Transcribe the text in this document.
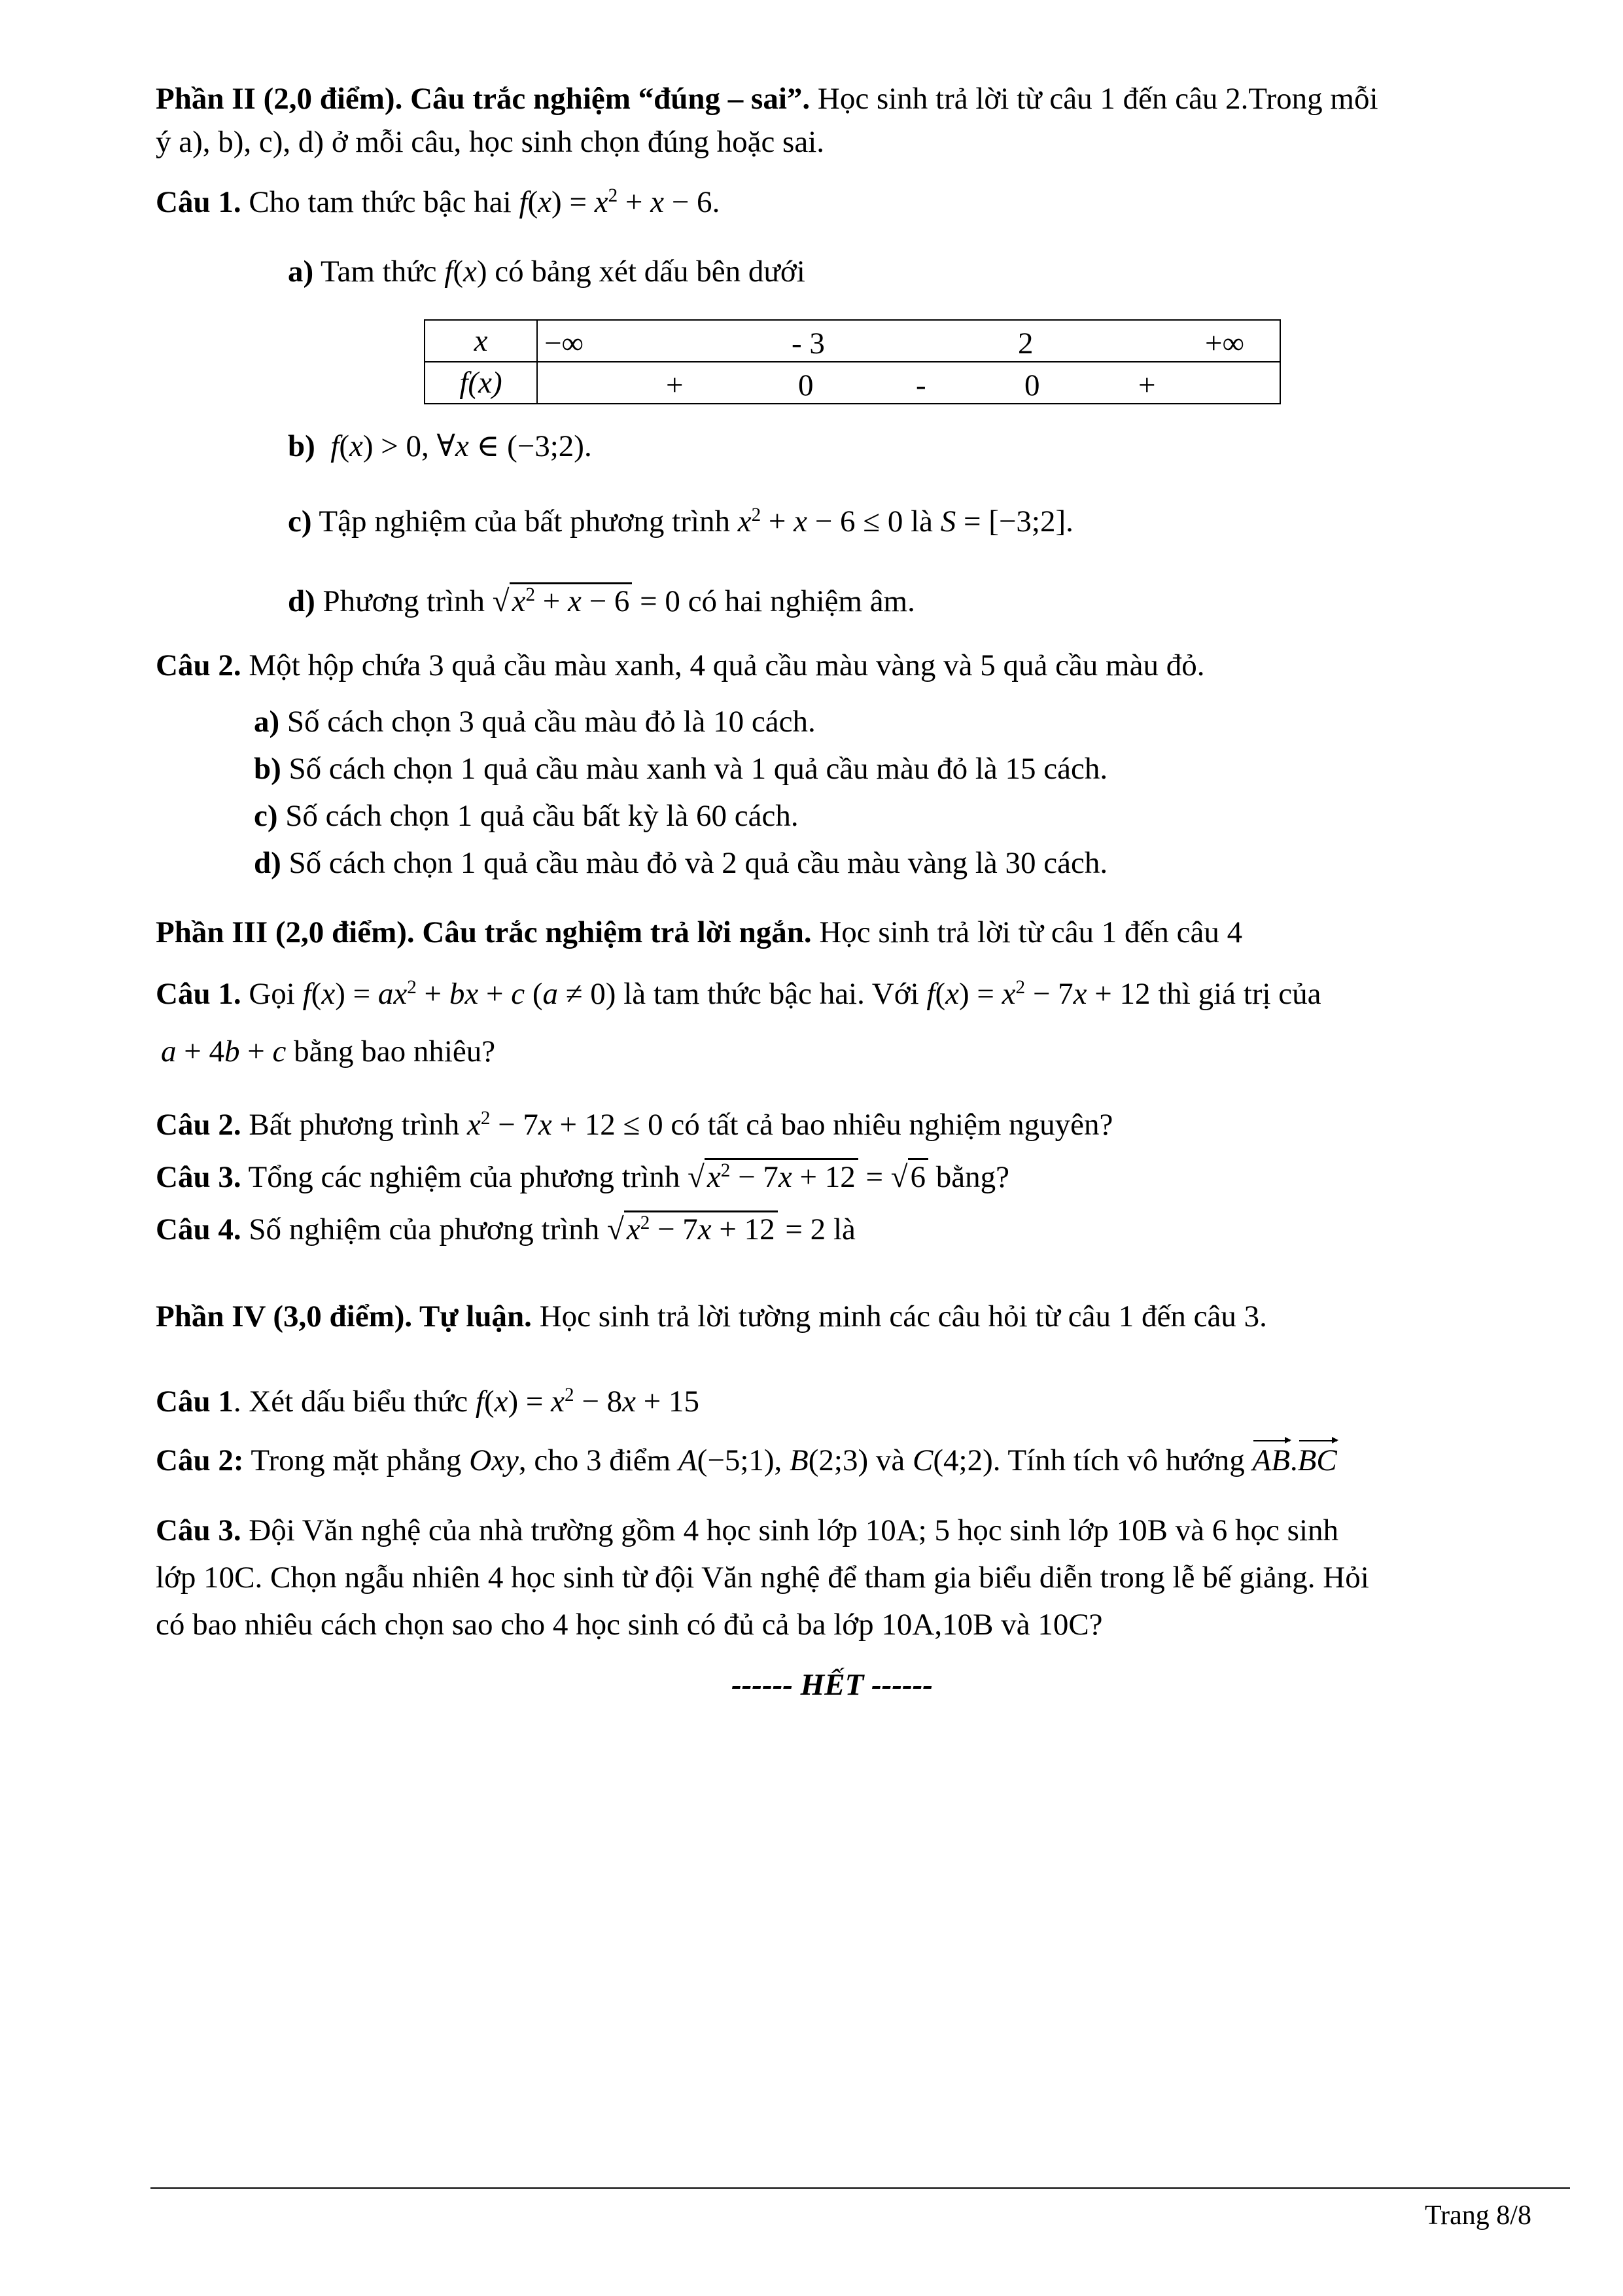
Phần II (2,0 điểm). Câu trắc nghiệm “đúng – sai”. Học sinh trả lời từ câu 1 đến câu 2.Trong mỗi
ý a), b), c), d) ở mỗi câu, học sinh chọn đúng hoặc sai.
Câu 1. Cho tam thức bậc hai $f(x) = x^2 + x - 6$.
a) Tam thức f(x) có bảng xét dấu bên dưới
x	−∞ - 3 2 +∞

f(x)	+ 0 - 0 +
b) f(x) > 0, ∀x ∈ (−3;2).
c) Tập nghiệm của bất phương trình $x^2 + x - 6 \le 0$ là S = [−3;2].
d) Phương trình $√x^2 + x - 6 = 0$ có hai nghiệm âm.
Câu 2. Một hộp chứa 3 quả cầu màu xanh, 4 quả cầu màu vàng và 5 quả cầu màu đỏ.
a) Số cách chọn 3 quả cầu màu đỏ là 10 cách.
b) Số cách chọn 1 quả cầu màu xanh và 1 quả cầu màu đỏ là 15 cách.
c) Số cách chọn 1 quả cầu bất kỳ là 60 cách.
d) Số cách chọn 1 quả cầu màu đỏ và 2 quả cầu màu vàng là 30 cách.
Phần III (2,0 điểm). Câu trắc nghiệm trả lời ngắn. Học sinh trả lời từ câu 1 đến câu 4
Câu 1. Gọi $f(x) = ax^2$ + bx + c (a ≠ 0) là tam thức bậc hai. Với $f(x) = x^2 - 7x + 12$ thì giá trị của
a + 4b + c bằng bao nhiêu?
Câu 2. Bất phương trình $x^2 - 7x + 12 \le 0$ có tất cả bao nhiêu nghiệm nguyên?
Câu 3. Tổng các nghiệm của phương trình $√x^2 - 7x + 12 = √6$ bằng?
Câu 4. Số nghiệm của phương trình $√x^2 - 7x + 12 = 2$ là
Phần IV (3,0 điểm). Tự luận. Học sinh trả lời tường minh các câu hỏi từ câu 1 đến câu 3.
Câu 1. Xét dấu biểu thức $f(x) = x^2 - 8x + 15$
Câu 2: Trong mặt phẳng Oxy, cho 3 điểm A(−5;1), B(2;3) và C(4;2). Tính tích vô hướng AB.BC
Câu 3. Đội Văn nghệ của nhà trường gồm 4 học sinh lớp 10A; 5 học sinh lớp 10B và 6 học sinh
lớp 10C. Chọn ngẫu nhiên 4 học sinh từ đội Văn nghệ để tham gia biểu diễn trong lễ bế giảng. Hỏi
có bao nhiêu cách chọn sao cho 4 học sinh có đủ cả ba lớp 10A,10B và 10C?
------ HẾT ------
Trang 8/8
